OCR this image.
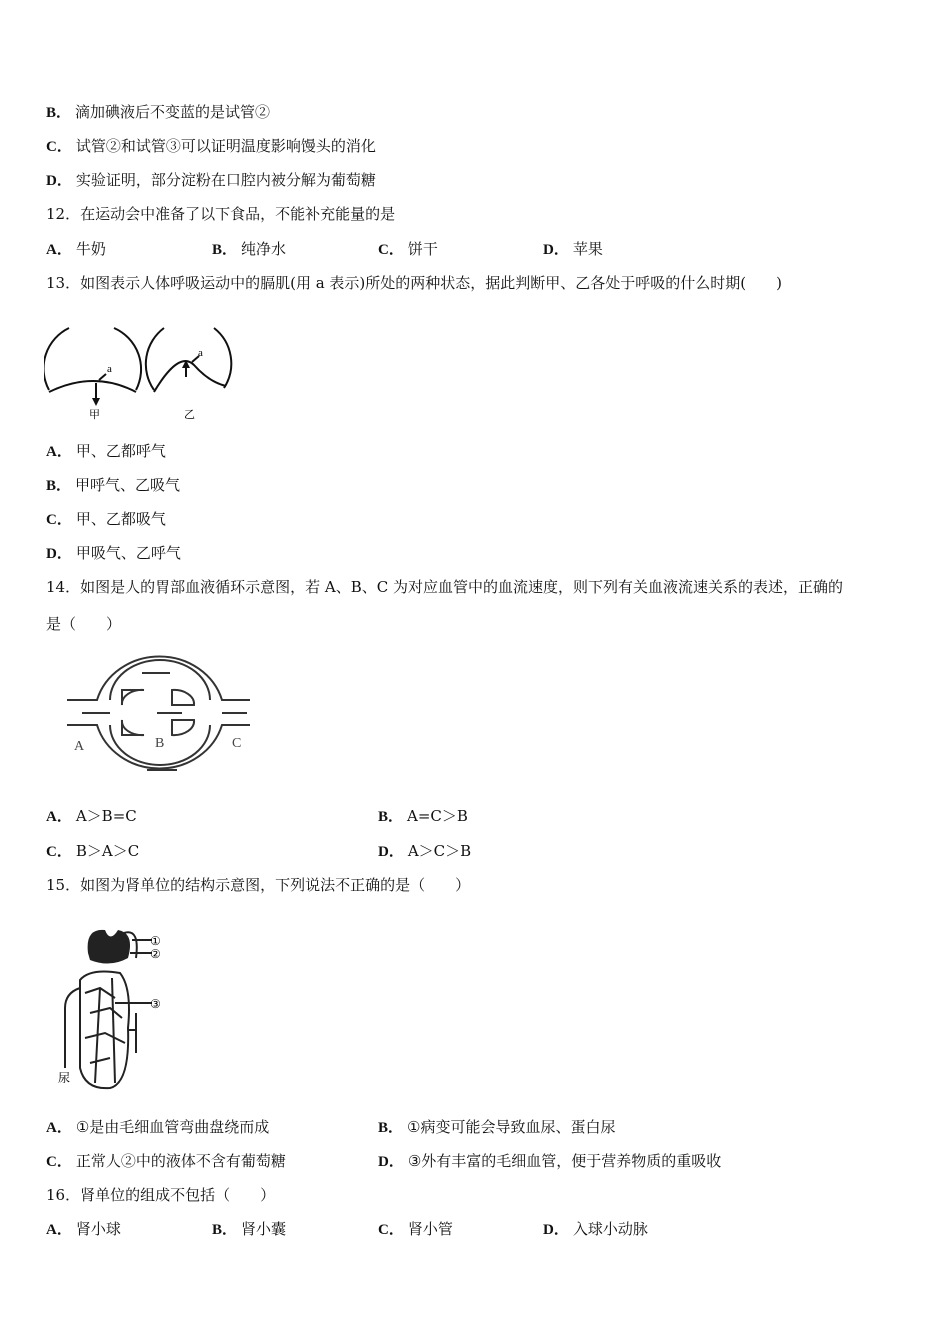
B． 滴加碘液后不变蓝的是试管②
C． 试管②和试管③可以证明温度影响馒头的消化
D． 实验证明，部分淀粉在口腔内被分解为葡萄糖
12．在运动会中准备了以下食品，不能补充能量的是
A． 牛奶	B． 纯净水	C． 饼干	D． 苹果
13．如图表示人体呼吸运动中的膈肌(用 a 表示)所处的两种状态，据此判断甲、乙各处于呼吸的什么时期(　　)
a
a
甲	乙
A． 甲、乙都呼气
B． 甲呼气、乙吸气
C． 甲、乙都吸气
D． 甲吸气、乙呼气
14．如图是人的胃部血液循环示意图，若 A、B、C 为对应血管中的血流速度，则下列有关血液流速关系的表述，正确的
是（　　）
A	B	C
A． A＞B=C	B． A=C＞B
C． B＞A＞C	D． A＞C＞B
15．如图为肾单位的结构示意图，下列说法不正确的是（　　）
①
②
③
尿
A． ①是由毛细血管弯曲盘绕而成	B． ①病变可能会导致血尿、蛋白尿
C． 正常人②中的液体不含有葡萄糖	D． ③外有丰富的毛细血管，便于营养物质的重吸收
16．肾单位的组成不包括（　　）
A． 肾小球	B． 肾小囊	C． 肾小管	D． 入球小动脉
